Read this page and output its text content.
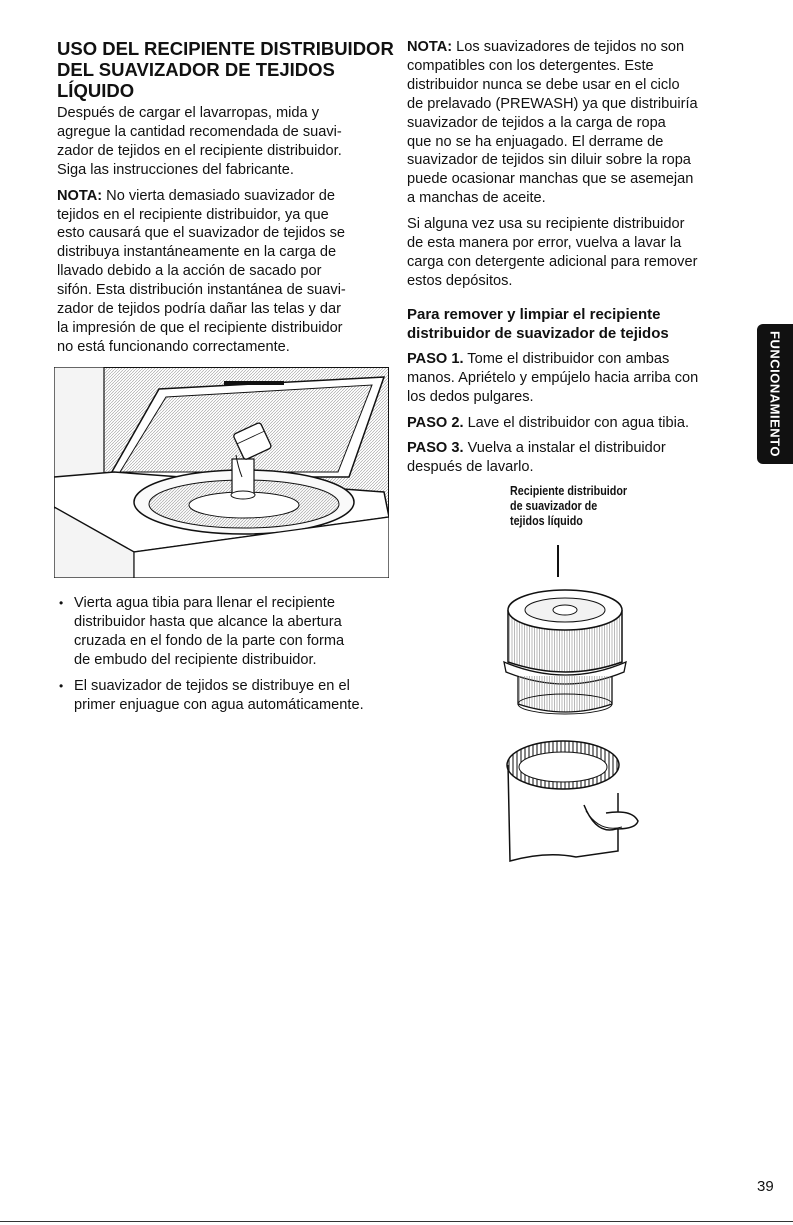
USO DEL RECIPIENTE DISTRIBUIDOR
DEL SUAVIZADOR DE TEJIDOS
LÍQUIDO

Después de cargar el lavarropas, mida y
agregue la cantidad recomendada de suavi-
zador de tejidos en el recipiente distribuidor.
Siga las instrucciones del fabricante.

NOTA: No vierta demasiado suavizador de
tejidos en el recipiente distribuidor, ya que
esto causará que el suavizador de tejidos se
distribuya instantáneamente en la carga de
llavado debido a la acción de sacado por
sifón. Esta distribución instantánea de suavi-
zador de tejidos podría dañar las telas y dar
la impresión de que el recipiente distribuidor
no está funcionando correctamente.

• Vierta agua tibia para llenar el recipiente
distribuidor hasta que alcance la abertura
cruzada en el fondo de la parte con forma
de embudo del recipiente distribuidor.
• El suavizador de tejidos se distribuye en el
primer enjuague con agua automáticamente.

NOTA: Los suavizadores de tejidos no son
compatibles con los detergentes. Este
distribuidor nunca se debe usar en el ciclo
de prelavado (PREWASH) ya que distribuiría
suavizador de tejidos a la carga de ropa
que no se ha enjuagado. El derrame de
suavizador de tejidos sin diluir sobre la ropa
puede ocasionar manchas que se asemejan
a manchas de aceite.

Si alguna vez usa su recipiente distribuidor
de esta manera por error, vuelva a lavar la
carga con detergente adicional para remover
estos depósitos.

Para remover y limpiar el recipiente
distribuidor de suavizador de tejidos

PASO 1. Tome el distribuidor con ambas
manos. Apriételo y empújelo hacia arriba con
los dedos pulgares.

PASO 2. Lave el distribuidor con agua tibia.

PASO 3. Vuelva a instalar el distribuidor
después de lavarlo.

Recipiente distribuidor
de suavizador de
tejidos líquido
FUNCIONAMIENTO
39
